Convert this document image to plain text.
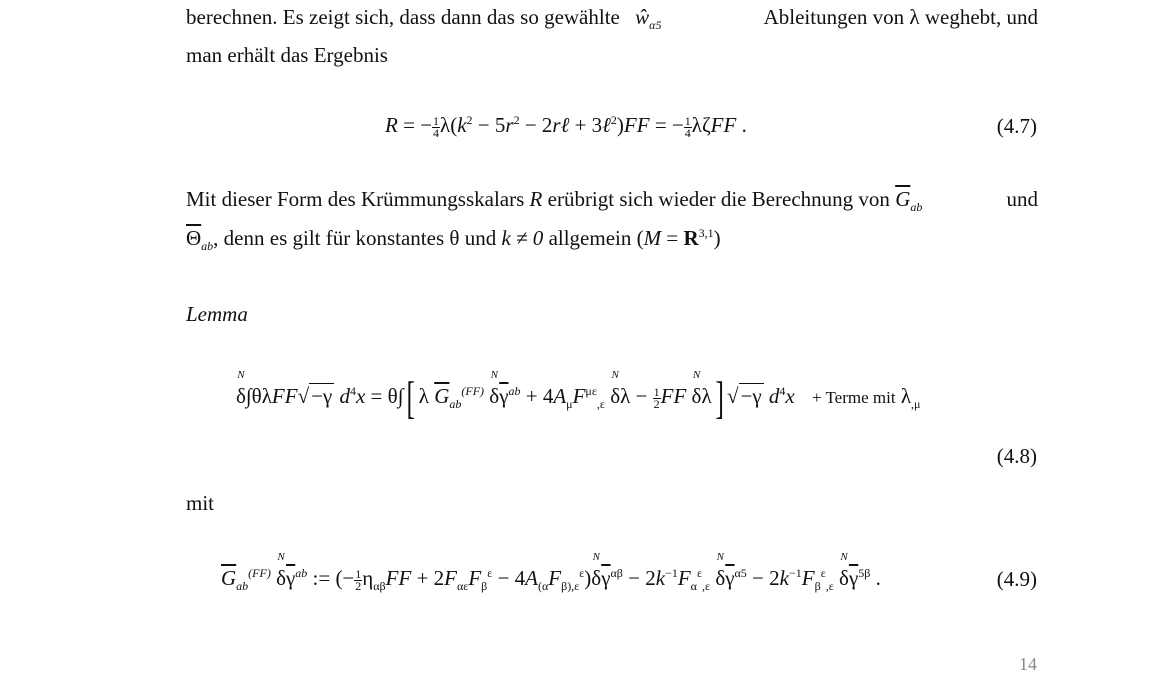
berechnen. Es zeigt sich, dass dann das so gewählte $ŵ_{\alpha 5}$	Ableitungen von λ weghebt, und
man erhält das Ergebnis
R = − $\frac{1}{4} \lambda(k^2 - 5r^2$ − 2rℓ + 3ℓ$^2$)FF = − $\frac{1}{4}$ λζFF .	(4.7)
Mit dieser Form des Krümmungsskalars R erübrigt sich wieder die Berechnung von $\overline{G}_{ab}$	und
$\overline{\Theta}_{ab}$, denn es gilt für konstantes θ und k ≠ 0 allgemein (M = R$^{3,1}$)
Lemma
δ
N
∫θλFF√−γ $d^4x = \theta\int$[ λ $\overline{G}_{ab}^{(FF)}$ δ
N
$\overline{\gamma}^{ab} + 4A_\mu F^{\mu\varepsilon}_{,\varepsilon}$ δ
N
$\lambda - \frac{1}{2}$ FF δ
N
λ] √−γ $d^4x$ + Terme mit $\lambda_{,\mu}$
(4.8)
mit
$\overline{G}_{ab}^{(FF)}$ δ
N
$\overline{\gamma}^{ab}$ := (− $\frac{1}{2} \eta_{\alpha\beta}FF + 2F_{\alpha\varepsilon}F_\beta^\varepsilon - 4A_{(\alpha}F_{\beta),\varepsilon}^\varepsilon)\delta$
N
$\overline{\gamma}^{\alpha\beta} - 2k^{-1}F_\alpha^\varepsilon_{,\varepsilon}$ δ
N
$\overline{\gamma}^{\alpha 5} - 2k^{-1}F_\beta^\varepsilon_{,\varepsilon}$ δ
N
$\overline{\gamma}^{5\beta}$ .	(4.9)
14
